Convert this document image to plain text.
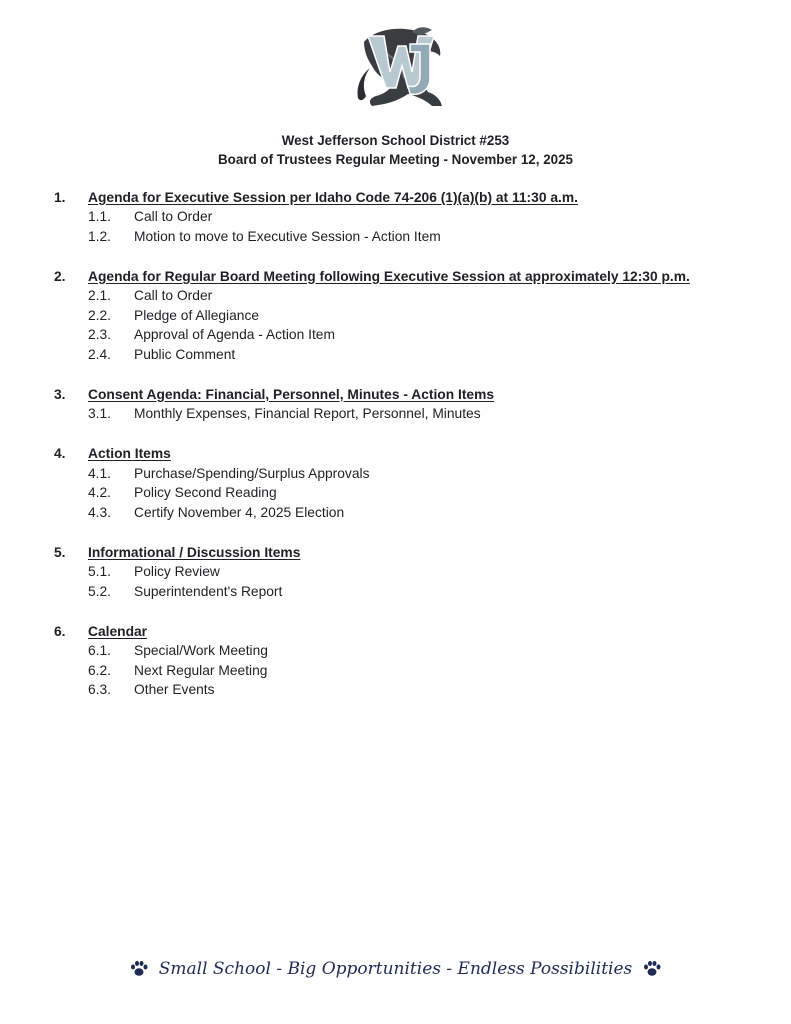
West Jefferson School District #253
Board of Trustees Regular Meeting - November 12, 2025
1.	Agenda for Executive Session per Idaho Code 74-206 (1)(a)(b) at 11:30 a.m.
1.1.	Call to Order
1.2.	Motion to move to Executive Session - Action Item
2.	Agenda for Regular Board Meeting following Executive Session at approximately 12:30 p.m.
2.1.	Call to Order
2.2.	Pledge of Allegiance
2.3.	Approval of Agenda - Action Item
2.4.	Public Comment
3.	Consent Agenda: Financial, Personnel, Minutes - Action Items
3.1.	Monthly Expenses, Financial Report, Personnel, Minutes
4.	Action Items
4.1.	Purchase/Spending/Surplus Approvals
4.2.	Policy Second Reading
4.3.	Certify November 4, 2025 Election
5.	Informational / Discussion Items
5.1.	Policy Review
5.2.	Superintendent's Report
6.	Calendar
6.1.	Special/Work Meeting
6.2.	Next Regular Meeting
6.3.	Other Events
Small School - Big Opportunities - Endless Possibilities
